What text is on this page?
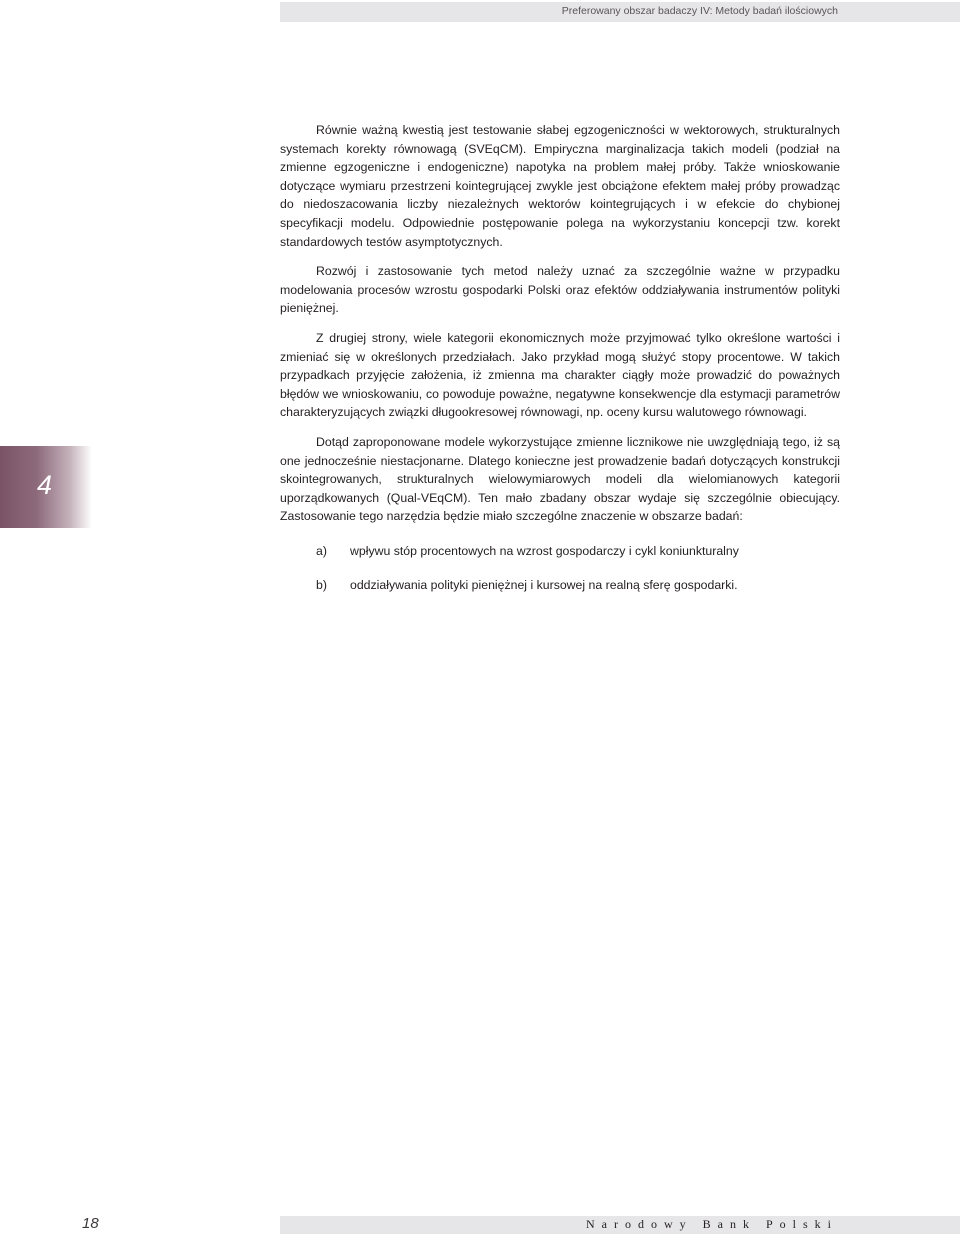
Preferowany obszar badaczy IV: Metody badań ilościowych
4

Równie ważną kwestią jest testowanie słabej egzogeniczności w wektorowych, strukturalnych systemach korekty równowagą (SVEqCM). Empiryczna marginalizacja takich modeli (podział na zmienne egzogeniczne i endogeniczne) napotyka na problem małej próby. Także wnioskowanie dotyczące wymiaru przestrzeni kointegrującej zwykle jest obciążone efektem małej próby prowadząc do niedoszacowania liczby niezależnych wektorów kointegrujących i w efekcie do chybionej specyfikacji modelu. Odpowiednie postępowanie polega na wykorzystaniu koncepcji tzw. korekt standardowych testów asymptotycznych.

Rozwój i zastosowanie tych metod należy uznać za szczególnie ważne w przypadku modelowania procesów wzrostu gospodarki Polski oraz efektów oddziaływania instrumentów polityki pieniężnej.

Z drugiej strony, wiele kategorii ekonomicznych może przyjmować tylko określone wartości i zmieniać się w określonych przedziałach. Jako przykład mogą służyć stopy procentowe. W takich przypadkach przyjęcie założenia, iż zmienna ma charakter ciągły może prowadzić do poważnych błędów we wnioskowaniu, co powoduje poważne, negatywne konsekwencje dla estymacji parametrów charakteryzujących związki długookresowej równowagi, np. oceny kursu walutowego równowagi.

Dotąd zaproponowane modele wykorzystujące zmienne licznikowe nie uwzględniają tego, iż są one jednocześnie niestacjonarne. Dlatego konieczne jest prowadzenie badań dotyczących konstrukcji skointegrowanych, strukturalnych wielowymiarowych modeli dla wielomianowych kategorii uporządkowanych (Qual-VEqCM). Ten mało zbadany obszar wydaje się szczególnie obiecujący. Zastosowanie tego narzędzia będzie miało szczególne znaczenie w obszarze badań:

a) wpływu stóp procentowych na wzrost gospodarczy i cykl koniunkturalny
b) oddziaływania polityki pieniężnej i kursowej na realną sferę gospodarki.
18	Narodowy Bank Polski
